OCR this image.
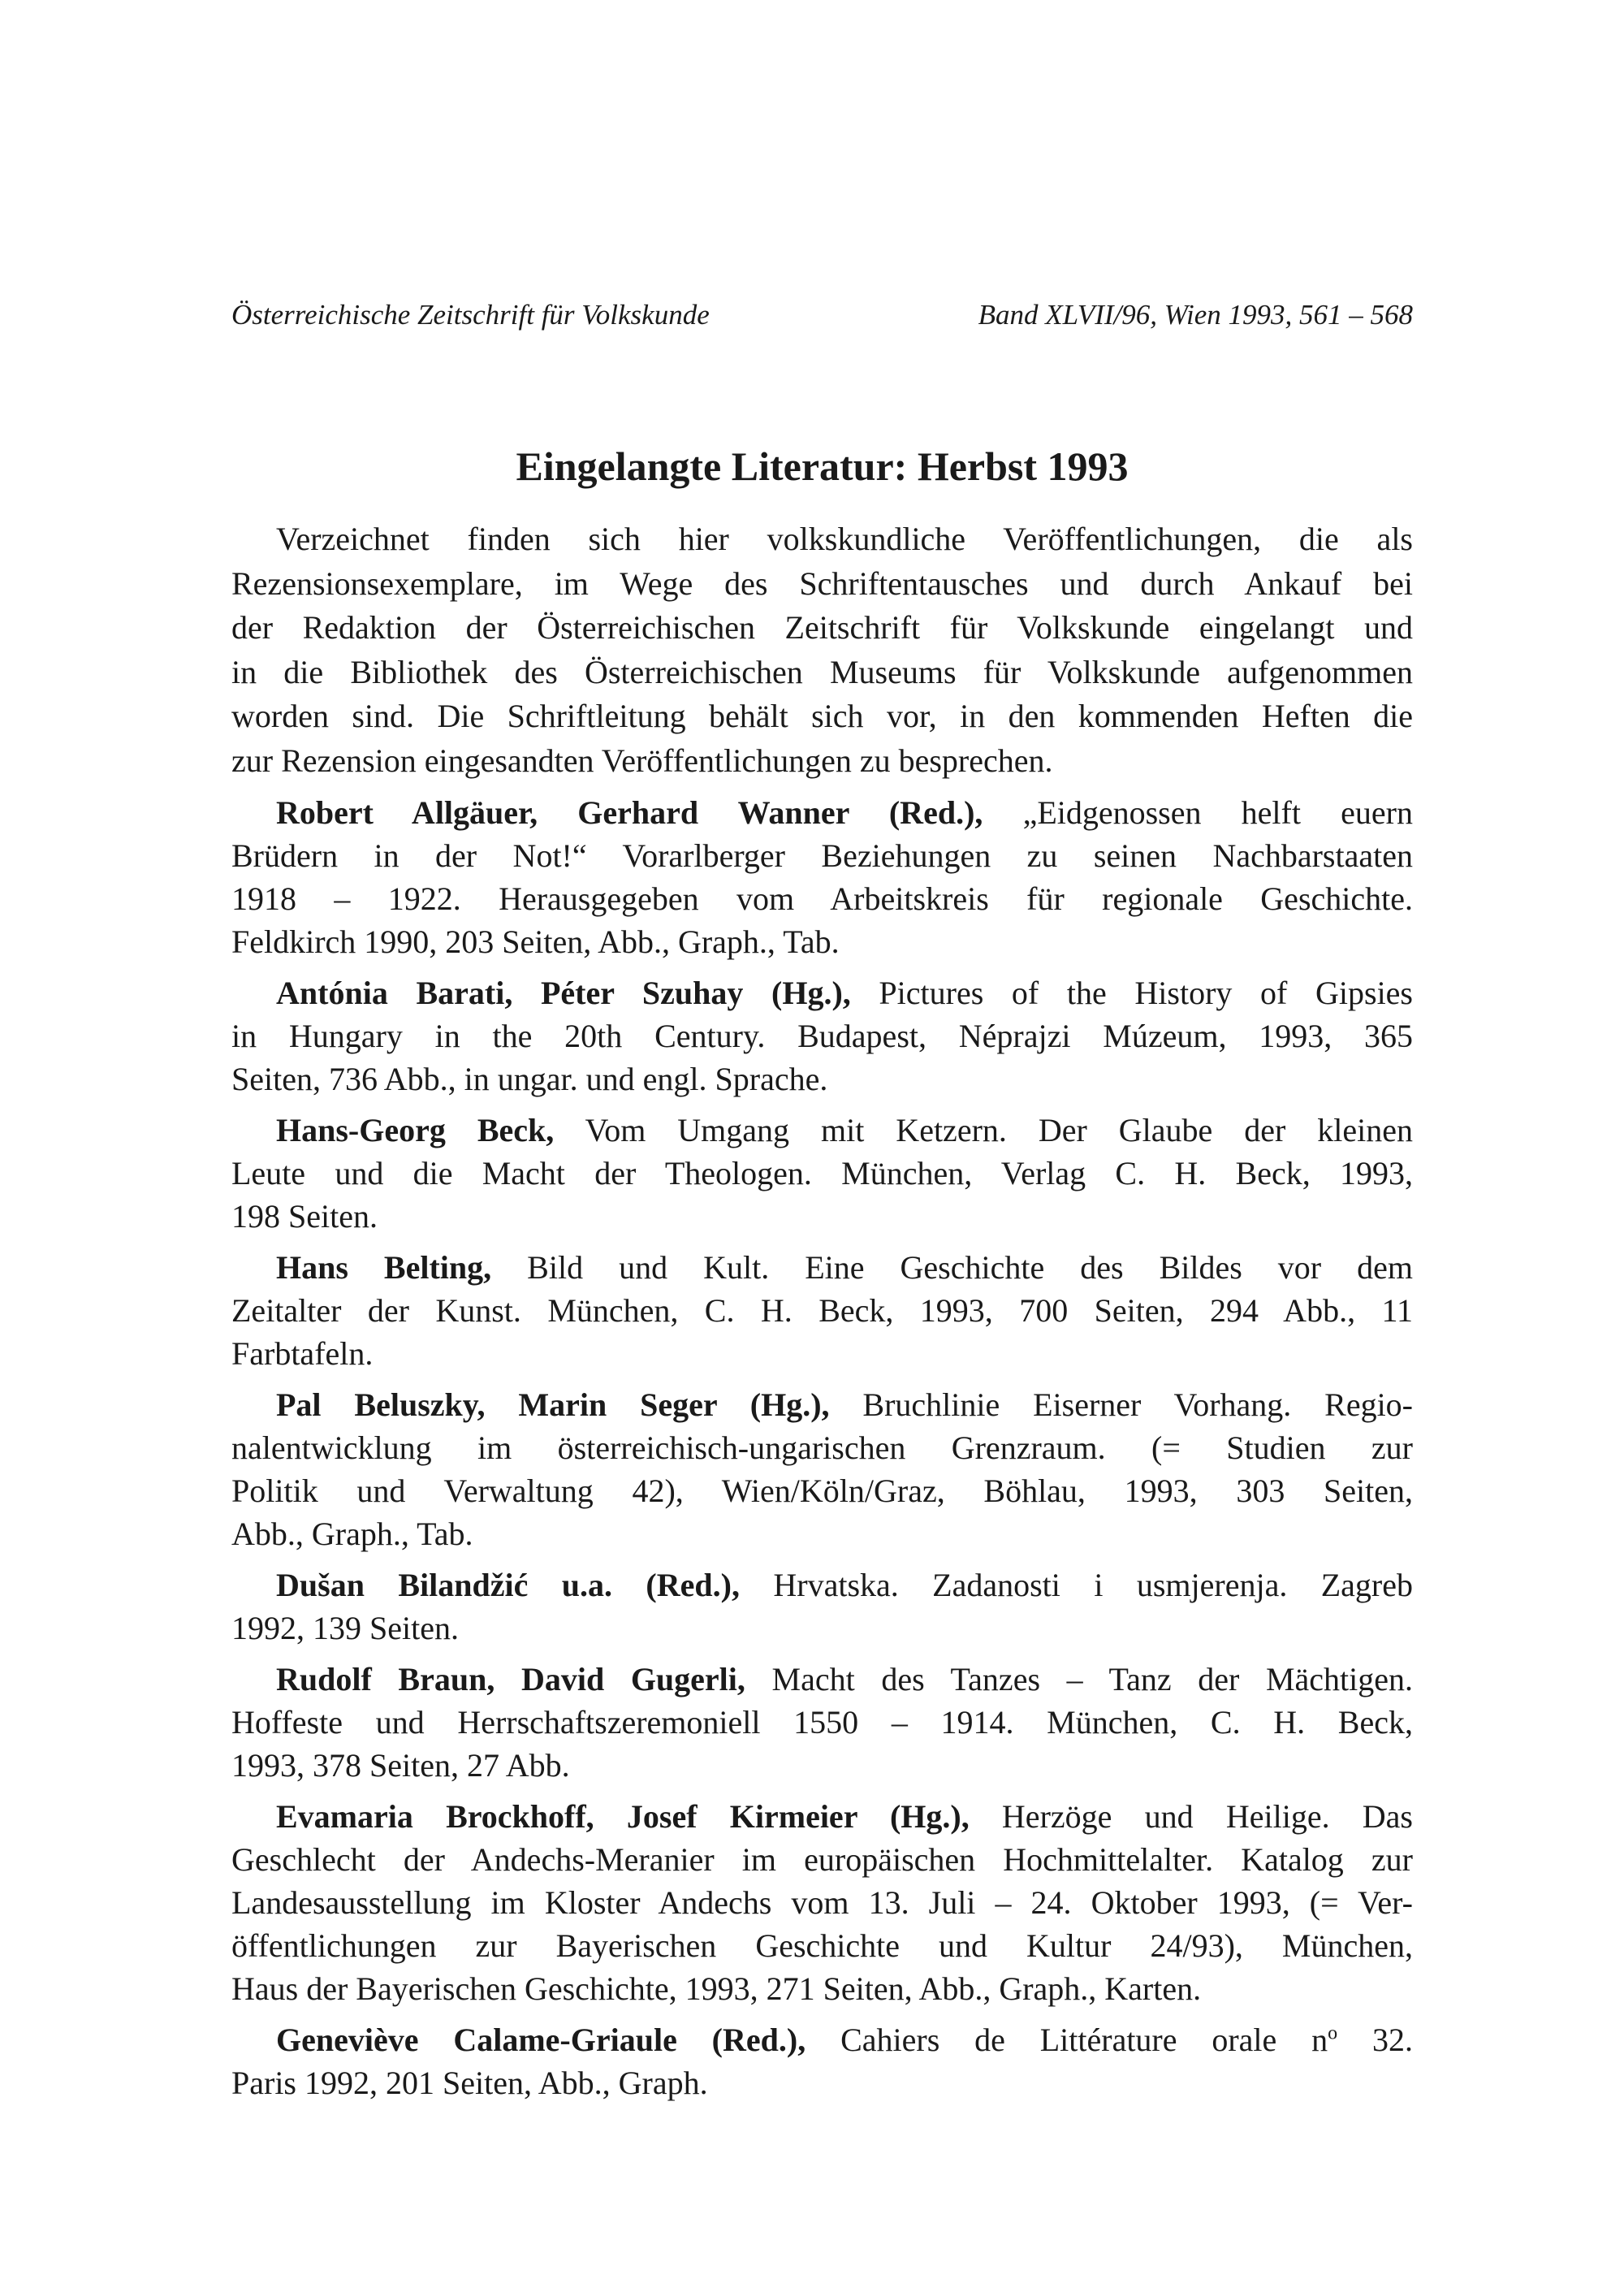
Österreichische Zeitschrift für Volkskunde	Band XLVII/96, Wien 1993, 561 – 568
Eingelangte Literatur: Herbst 1993
Verzeichnet finden sich hier volkskundliche Veröffentlichungen, die als
Rezensionsexemplare, im Wege des Schriftentausches und durch Ankauf bei
der Redaktion der Österreichischen Zeitschrift für Volkskunde eingelangt und
in die Bibliothek des Österreichischen Museums für Volkskunde aufgenommen
worden sind. Die Schriftleitung behält sich vor, in den kommenden Heften die
zur Rezension eingesandten Veröffentlichungen zu besprechen.
Robert Allgäuer, Gerhard Wanner (Red.), „Eidgenossen helft euern
Brüdern in der Not!“ Vorarlberger Beziehungen zu seinen Nachbarstaaten
1918 – 1922. Herausgegeben vom Arbeitskreis für regionale Geschichte.
Feldkirch 1990, 203 Seiten, Abb., Graph., Tab.
Antónia Barati, Péter Szuhay (Hg.), Pictures of the History of Gipsies
in Hungary in the 20th Century. Budapest, Néprajzi Múzeum, 1993, 365
Seiten, 736 Abb., in ungar. und engl. Sprache.
Hans-Georg Beck, Vom Umgang mit Ketzern. Der Glaube der kleinen
Leute und die Macht der Theologen. München, Verlag C. H. Beck, 1993,
198 Seiten.
Hans Belting, Bild und Kult. Eine Geschichte des Bildes vor dem
Zeitalter der Kunst. München, C. H. Beck, 1993, 700 Seiten, 294 Abb., 11
Farbtafeln.
Pal Beluszky, Marin Seger (Hg.), Bruchlinie Eiserner Vorhang. Regio-
nalentwicklung im österreichisch-ungarischen Grenzraum. (= Studien zur
Politik und Verwaltung 42), Wien/Köln/Graz, Böhlau, 1993, 303 Seiten,
Abb., Graph., Tab.
Dušan Bilandžić u.a. (Red.), Hrvatska. Zadanosti i usmjerenja. Zagreb
1992, 139 Seiten.
Rudolf Braun, David Gugerli, Macht des Tanzes – Tanz der Mächtigen.
Hoffeste und Herrschaftszeremoniell 1550 – 1914. München, C. H. Beck,
1993, 378 Seiten, 27 Abb.
Evamaria Brockhoff, Josef Kirmeier (Hg.), Herzöge und Heilige. Das
Geschlecht der Andechs-Meranier im europäischen Hochmittelalter. Katalog zur
Landesausstellung im Kloster Andechs vom 13. Juli – 24. Oktober 1993, (= Ver-
öffentlichungen zur Bayerischen Geschichte und Kultur 24/93), München,
Haus der Bayerischen Geschichte, 1993, 271 Seiten, Abb., Graph., Karten.
Geneviève Calame-Griaule (Red.), Cahiers de Littérature orale $n^o$ 32.
Paris 1992, 201 Seiten, Abb., Graph.
